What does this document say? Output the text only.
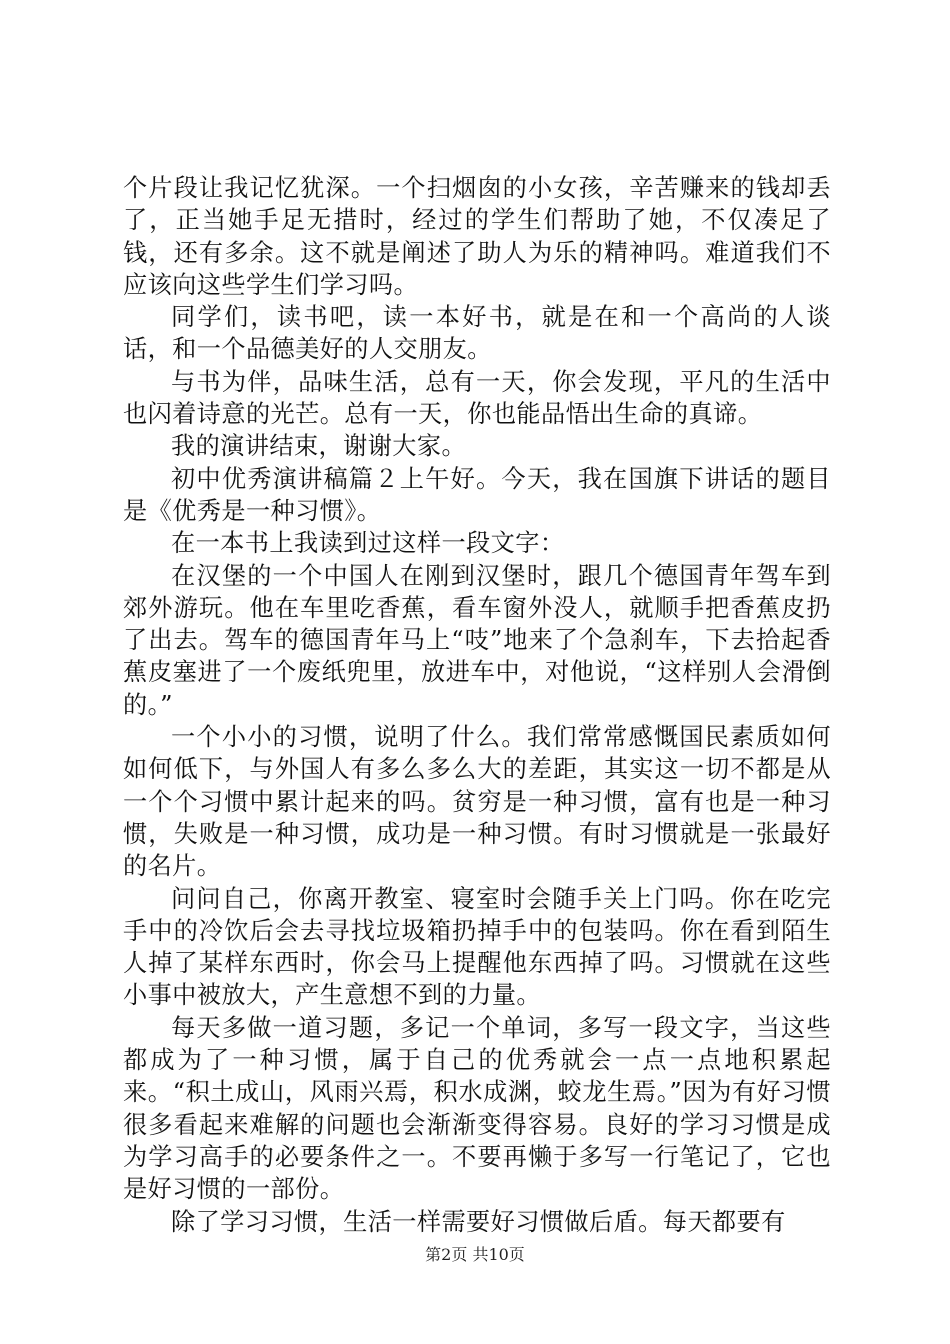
个片段让我记忆犹深。一个扫烟囱的小女孩，辛苦赚来的钱却丢了，正当她手足无措时，经过的学生们帮助了她，不仅凑足了钱，还有多余。这不就是阐述了助人为乐的精神吗。难道我们不应该向这些学生们学习吗。

同学们，读书吧，读一本好书，就是在和一个高尚的人谈话，和一个品德美好的人交朋友。

与书为伴，品味生活，总有一天，你会发现，平凡的生活中也闪着诗意的光芒。总有一天，你也能品悟出生命的真谛。

我的演讲结束，谢谢大家。

初中优秀演讲稿篇２上午好。今天，我在国旗下讲话的题目是《优秀是一种习惯》。

在一本书上我读到过这样一段文字：

在汉堡的一个中国人在刚到汉堡时，跟几个德国青年驾车到郊外游玩。他在车里吃香蕉，看车窗外没人，就顺手把香蕉皮扔了出去。驾车的德国青年马上“吱”地来了个急刹车，下去拾起香蕉皮塞进了一个废纸兜里，放进车中，对他说，“这样别人会滑倒的。”

一个小小的习惯，说明了什么。我们常常感慨国民素质如何如何低下，与外国人有多么多么大的差距，其实这一切不都是从一个个习惯中累计起来的吗。贫穷是一种习惯，富有也是一种习惯，失败是一种习惯，成功是一种习惯。有时习惯就是一张最好的名片。

问问自己，你离开教室、寝室时会随手关上门吗。你在吃完手中的冷饮后会去寻找垃圾箱扔掉手中的包装吗。你在看到陌生人掉了某样东西时，你会马上提醒他东西掉了吗。习惯就在这些小事中被放大，产生意想不到的力量。

每天多做一道习题，多记一个单词，多写一段文字，当这些都成为了一种习惯，属于自己的优秀就会一点一点地积累起来。“积土成山，风雨兴焉，积水成渊，蛟龙生焉。”因为有好习惯很多看起来难解的问题也会渐渐变得容易。良好的学习习惯是成为学习高手的必要条件之一。不要再懒于多写一行笔记了，它也是好习惯的一部份。

除了学习习惯，生活一样需要好习惯做后盾。每天都要有

第2页 共10页
